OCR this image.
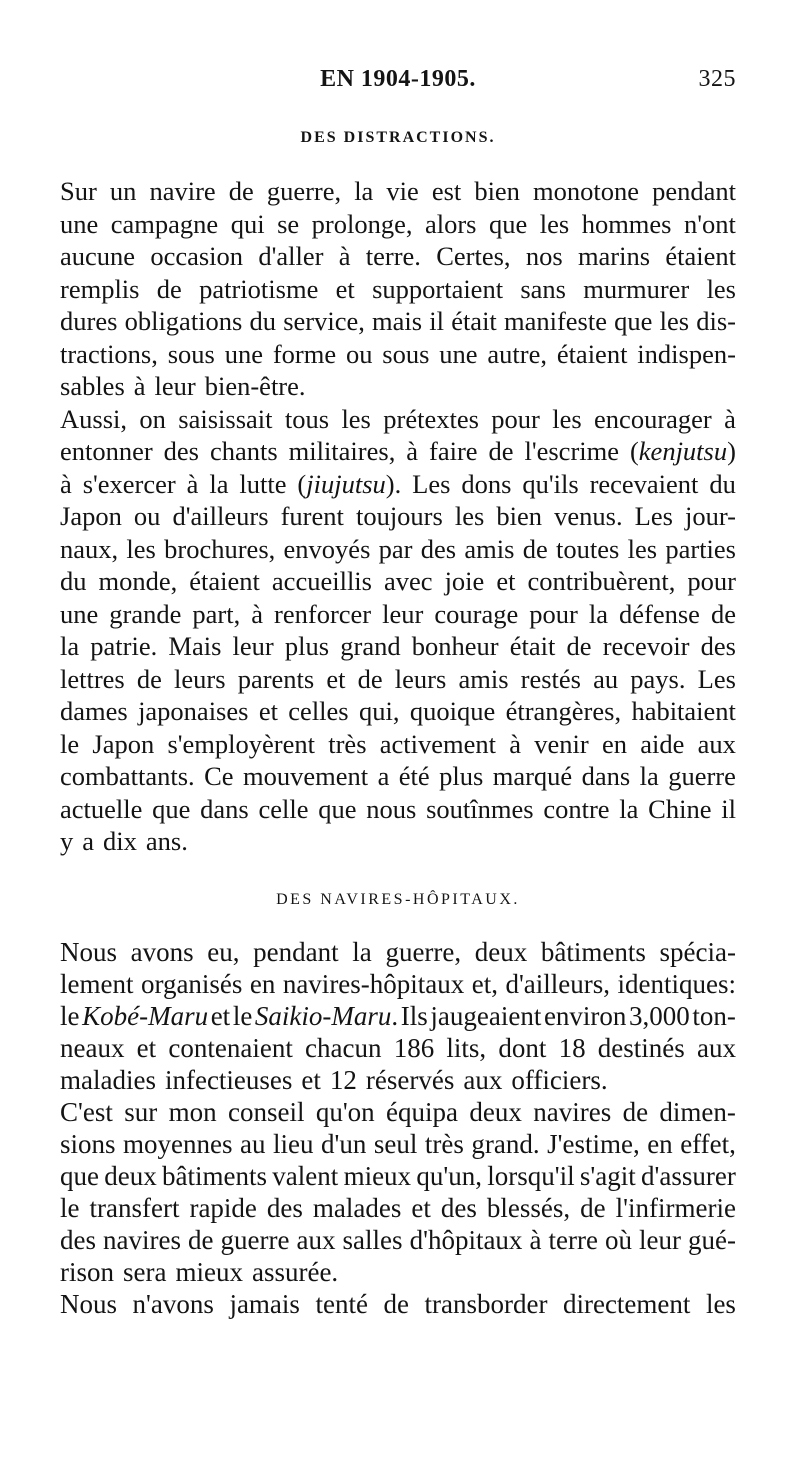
EN 1904-1905.	325
DES DISTRACTIONS.
Sur un navire de guerre, la vie est bien monotone pendant
une campagne qui se prolonge, alors que les hommes n'ont
aucune occasion d'aller à terre. Certes, nos marins étaient
remplis de patriotisme et supportaient sans murmurer les
dures obligations du service, mais il était manifeste que les dis-
tractions, sous une forme ou sous une autre, étaient indispen-
sables à leur bien-être.
Aussi, on saisissait tous les prétextes pour les encourager à
entonner des chants militaires, à faire de l'escrime (kenjutsu)
à s'exercer à la lutte (jiujutsu). Les dons qu'ils recevaient du
Japon ou d'ailleurs furent toujours les bien venus. Les jour-
naux, les brochures, envoyés par des amis de toutes les parties
du monde, étaient accueillis avec joie et contribuèrent, pour
une grande part, à renforcer leur courage pour la défense de
la patrie. Mais leur plus grand bonheur était de recevoir des
lettres de leurs parents et de leurs amis restés au pays. Les
dames japonaises et celles qui, quoique étrangères, habitaient
le Japon s'employèrent très activement à venir en aide aux
combattants. Ce mouvement a été plus marqué dans la guerre
actuelle que dans celle que nous soutînmes contre la Chine il
y a dix ans.
DES NAVIRES-HÔPITAUX.
Nous avons eu, pendant la guerre, deux bâtiments spécia-
lement organisés en navires-hôpitaux et, d'ailleurs, identiques:
le Kobé-Maru et le Saikio-Maru. Ils jaugeaient environ 3,000 ton-
neaux et contenaient chacun 186 lits, dont 18 destinés aux
maladies infectieuses et 12 réservés aux officiers.
C'est sur mon conseil qu'on équipa deux navires de dimen-
sions moyennes au lieu d'un seul très grand. J'estime, en effet,
que deux bâtiments valent mieux qu'un, lorsqu'il s'agit d'assurer
le transfert rapide des malades et des blessés, de l'infirmerie
des navires de guerre aux salles d'hôpitaux à terre où leur gué-
rison sera mieux assurée.
Nous n'avons jamais tenté de transborder directement les
